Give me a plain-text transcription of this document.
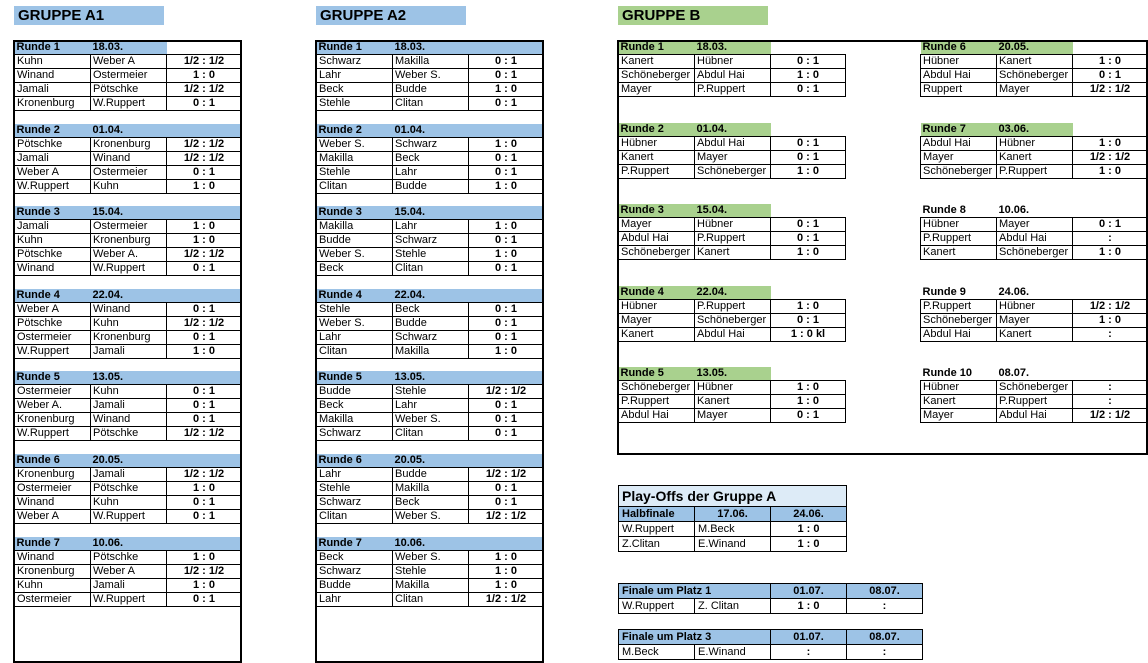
GRUPPE A1	GRUPPE A2	GRUPPE B
Runde 1	18.03.	
Kuhn	Weber A	1/2 : 1/2
Winand	Ostermeier	1 : 0
Jamali	Pötschke	1/2 : 1/2
Kronenburg	W.Ruppert	0 : 1

Runde 2	01.04.	
Pötschke	Kronenburg	1/2 : 1/2
Jamali	Winand	1/2 : 1/2
Weber A	Ostermeier	0 : 1
W.Ruppert	Kuhn	1 : 0

Runde 3	15.04.	
Jamali	Ostermeier	1 : 0
Kuhn	Kronenburg	1 : 0
Pötschke	Weber A.	1/2 : 1/2
Winand	W.Ruppert	0 : 1

Runde 4	22.04.	
Weber A	Winand	0 : 1
Pötschke	Kuhn	1/2 : 1/2
Ostermeier	Kronenburg	0 : 1
W.Ruppert	Jamali	1 : 0

Runde 5	13.05.	
Ostermeier	Kuhn	0 : 1
Weber A.	Jamali	0 : 1
Kronenburg	Winand	0 : 1
W.Ruppert	Pötschke	1/2 : 1/2

Runde 6	20.05.	
Kronenburg	Jamali	1/2 : 1/2
Ostermeier	Pötschke	1 : 0
Winand	Kuhn	0 : 1
Weber A	W.Ruppert	0 : 1

Runde 7	10.06.	
Winand	Pötschke	1 : 0
Kronenburg	Weber A	1/2 : 1/2
Kuhn	Jamali	1 : 0
Ostermeier	W.Ruppert	0 : 1
Runde 1	18.03.	
Schwarz	Makilla	0 : 1
Lahr	Weber S.	0 : 1
Beck	Budde	1 : 0
Stehle	Clitan	0 : 1

Runde 2	01.04.	
Weber S.	Schwarz	1 : 0
Makilla	Beck	0 : 1
Stehle	Lahr	0 : 1
Clitan	Budde	1 : 0

Runde 3	15.04.	
Makilla	Lahr	1 : 0
Budde	Schwarz	0 : 1
Weber S.	Stehle	1 : 0
Beck	Clitan	0 : 1

Runde 4	22.04.	
Stehle	Beck	0 : 1
Weber S.	Budde	0 : 1
Lahr	Schwarz	0 : 1
Clitan	Makilla	1 : 0

Runde 5	13.05.	
Budde	Stehle	1/2 : 1/2
Beck	Lahr	0 : 1
Makilla	Weber S.	0 : 1
Schwarz	Clitan	0 : 1

Runde 6	20.05.	
Lahr	Budde	1/2 : 1/2
Stehle	Makilla	0 : 1
Schwarz	Beck	0 : 1
Clitan	Weber S.	1/2 : 1/2

Runde 7	10.06.	
Beck	Weber S.	1 : 0
Schwarz	Stehle	1 : 0
Budde	Makilla	1 : 0
Lahr	Clitan	1/2 : 1/2
Runde 1	18.03.	
Kanert	Hübner	0 : 1
Schöneberger	Abdul Hai	1 : 0
Mayer	P.Ruppert	0 : 1

Runde 2	01.04.	
Hübner	Abdul Hai	0 : 1
Kanert	Mayer	0 : 1
P.Ruppert	Schöneberger	1 : 0

Runde 3	15.04.	
Mayer	Hübner	0 : 1
Abdul Hai	P.Ruppert	0 : 1
Schöneberger	Kanert	1 : 0

Runde 4	22.04.	
Hübner	P.Ruppert	1 : 0
Mayer	Schöneberger	0 : 1
Kanert	Abdul Hai	1 : 0 kl

Runde 5	13.05.	
Schöneberger	Hübner	1 : 0
P.Ruppert	Kanert	1 : 0
Abdul Hai	Mayer	0 : 1
Runde 6	20.05.	
Hübner	Kanert	1 : 0
Abdul Hai	Schöneberger	0 : 1
Ruppert	Mayer	1/2 : 1/2

Runde 7	03.06.	
Abdul Hai	Hübner	1 : 0
Mayer	Kanert	1/2 : 1/2
Schöneberger	P.Ruppert	1 : 0

Runde 8	10.06.	
Hübner	Mayer	0 : 1
P.Ruppert	Abdul Hai	:
Kanert	Schöneberger	1 : 0

Runde 9	24.06.	
P.Ruppert	Hübner	1/2 : 1/2
Schöneberger	Mayer	1 : 0
Abdul Hai	Kanert	:

Runde 10	08.07.	
Hübner	Schöneberger	:
Kanert	P.Ruppert	:
Mayer	Abdul Hai	1/2 : 1/2
Play-Offs der Gruppe A		
Halbfinale	17.06.	24.06.
W.Ruppert	M.Beck	1 : 0
Z.Clitan	E.Winand	1 : 0
Finale um Platz 1		01.07.	08.07.
W.Ruppert	Z. Clitan	1 : 0	:
Finale um Platz 3		01.07.	08.07.
M.Beck	E.Winand	:	:
